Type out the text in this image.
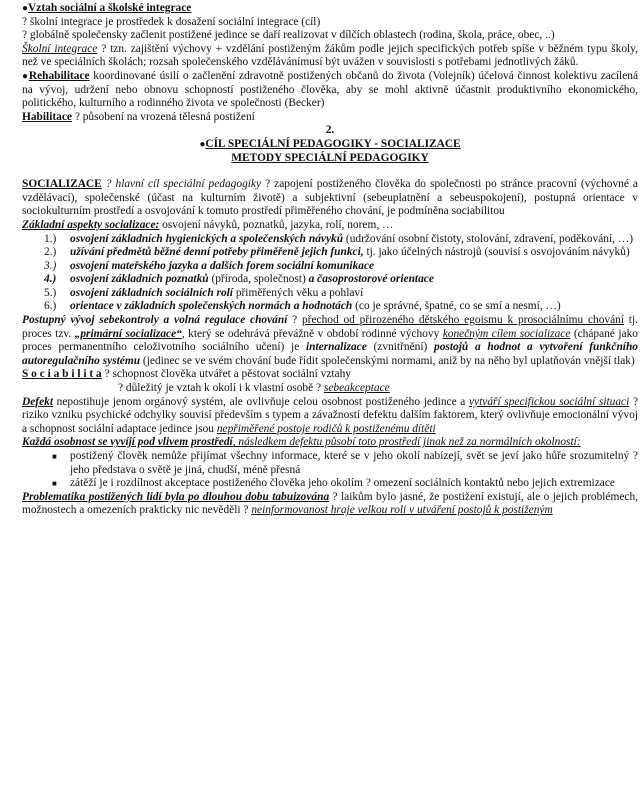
● Vztah sociální a školské integrace

? školní integrace je prostředek k dosažení sociální integrace (cíl)

? globálně společensky začlenit postižené jedince se daří realizovat v dílčích oblastech (rodina, škola, práce, obec, ..)

Školní integrace ? tzn. zajištění výchovy + vzdělání postiženým žákům podle jejich specifických potřeb spíše v běžném typu školy, než ve speciálních školách; rozsah společenského vzdělávánímusí být uvážen v souvislosti s potřebami jednotlivých žáků.

● Rehabilitace koordinované úsilí o začlenění zdravotně postižených občanů do života (Volejník) účelová činnost kolektivu zacílená na vývoj, udržení nebo obnovu schopností postiženého člověka, aby se mohl aktivně účastnit produktivního ekonomického, politického, kulturního a rodinného života ve společnosti (Becker)

Habilitace ? působení na vrozená tělesná postižení

2.

● CÍL SPECIÁLNÍ PEDAGOGIKY - SOCIALIZACE

METODY SPECIÁLNÍ PEDAGOGIKY

SOCIALIZACE ? hlavní cíl speciální pedagogiky ? zapojení postiženého člověka do společnosti po stránce pracovní (výchovné a vzdělávací), společenské (účast na kulturním životě) a subjektivní (sebeuplatnění a sebeuspokojení), postupná orientace v sociokulturním prostředí a osvojování k tomuto prostředí přiměřeného chování, je podmíněna sociabilitou

Základní aspekty socializace: osvojení návyků, poznatků, jazyka, rolí, norem, …

1.) osvojení základních hygienických a společenských návyků (udržování osobní čistoty, stolování, zdravení, poděkování, …)
2.) užívání předmětů běžné denní potřeby přiměřeně jejich funkci, tj. jako účelných nástrojů (souvisí s osvojováním návyků)
3.) osvojení mateřského jazyka a dalších forem sociální komunikace
4.) osvojení základních poznatků (příroda, společnost) a časoprostorové orientace
5.) osvojení základních sociálních rolí přiměřených věku a pohlaví
6.) orientace v základních společenských normách a hodnotách (co je správné, špatné, co se smí a nesmí, …)

Postupný vývoj sebekontroly a volná regulace chování ? přechod od přirozeného dětského egoismu k prosociálnímu chování tj. proces tzv. „primární socializace“, který se odehrává převážně v období rodinné výchovy konečným cílem socializace (chápané jako proces permanentního celoživotního sociálního učení) je internalizace (zvnitřnění) postojů a hodnot a vytvoření funkčního autoregulačního systému (jedinec se ve svém chování bude řídit společenskými normami, aniž by na něho byl uplatňován vnější tlak)

S o c i a b i l i t a ? schopnost člověka utvářet a pěstovat sociální vztahy

? důležitý je vztah k okolí i k vlastní osobě ? sebeakceptace

Defekt nepostihuje jenom orgánový systém, ale ovlivňuje celou osobnost postiženého jedince a vytváří specifickou sociální situaci ? riziko vzniku psychické odchylky souvisí především s typem a závažností defektu dalším faktorem, který ovlivňuje emocionální vývoj a schopnost sociální adaptace jedince jsou nepřiměřené postoje rodičů k postiženému dítěti

Každá osobnost se vyvíjí pod vlivem prostředí, následkem defektu působí toto prostředí jinak než za normálních okolností:

■ postižený člověk nemůže přijímat všechny informace, které se v jeho okolí nabízejí, svět se jeví jako hůře srozumitelný ? jeho představa o světě je jiná, chudší, méně přesná
■ zátěží je i rozdílnost akceptace postiženého člověka jeho okolím ? omezení sociálních kontaktů nebo jejich extremizace

Problematika postižených lidí byla po dlouhou dobu tabuizována ? laikům bylo jasné, že postižení existují, ale o jejich problémech, možnostech a omezeních prakticky nic nevěděli ? neinformovanost hraje velkou roli v utváření postojů k postiženým
